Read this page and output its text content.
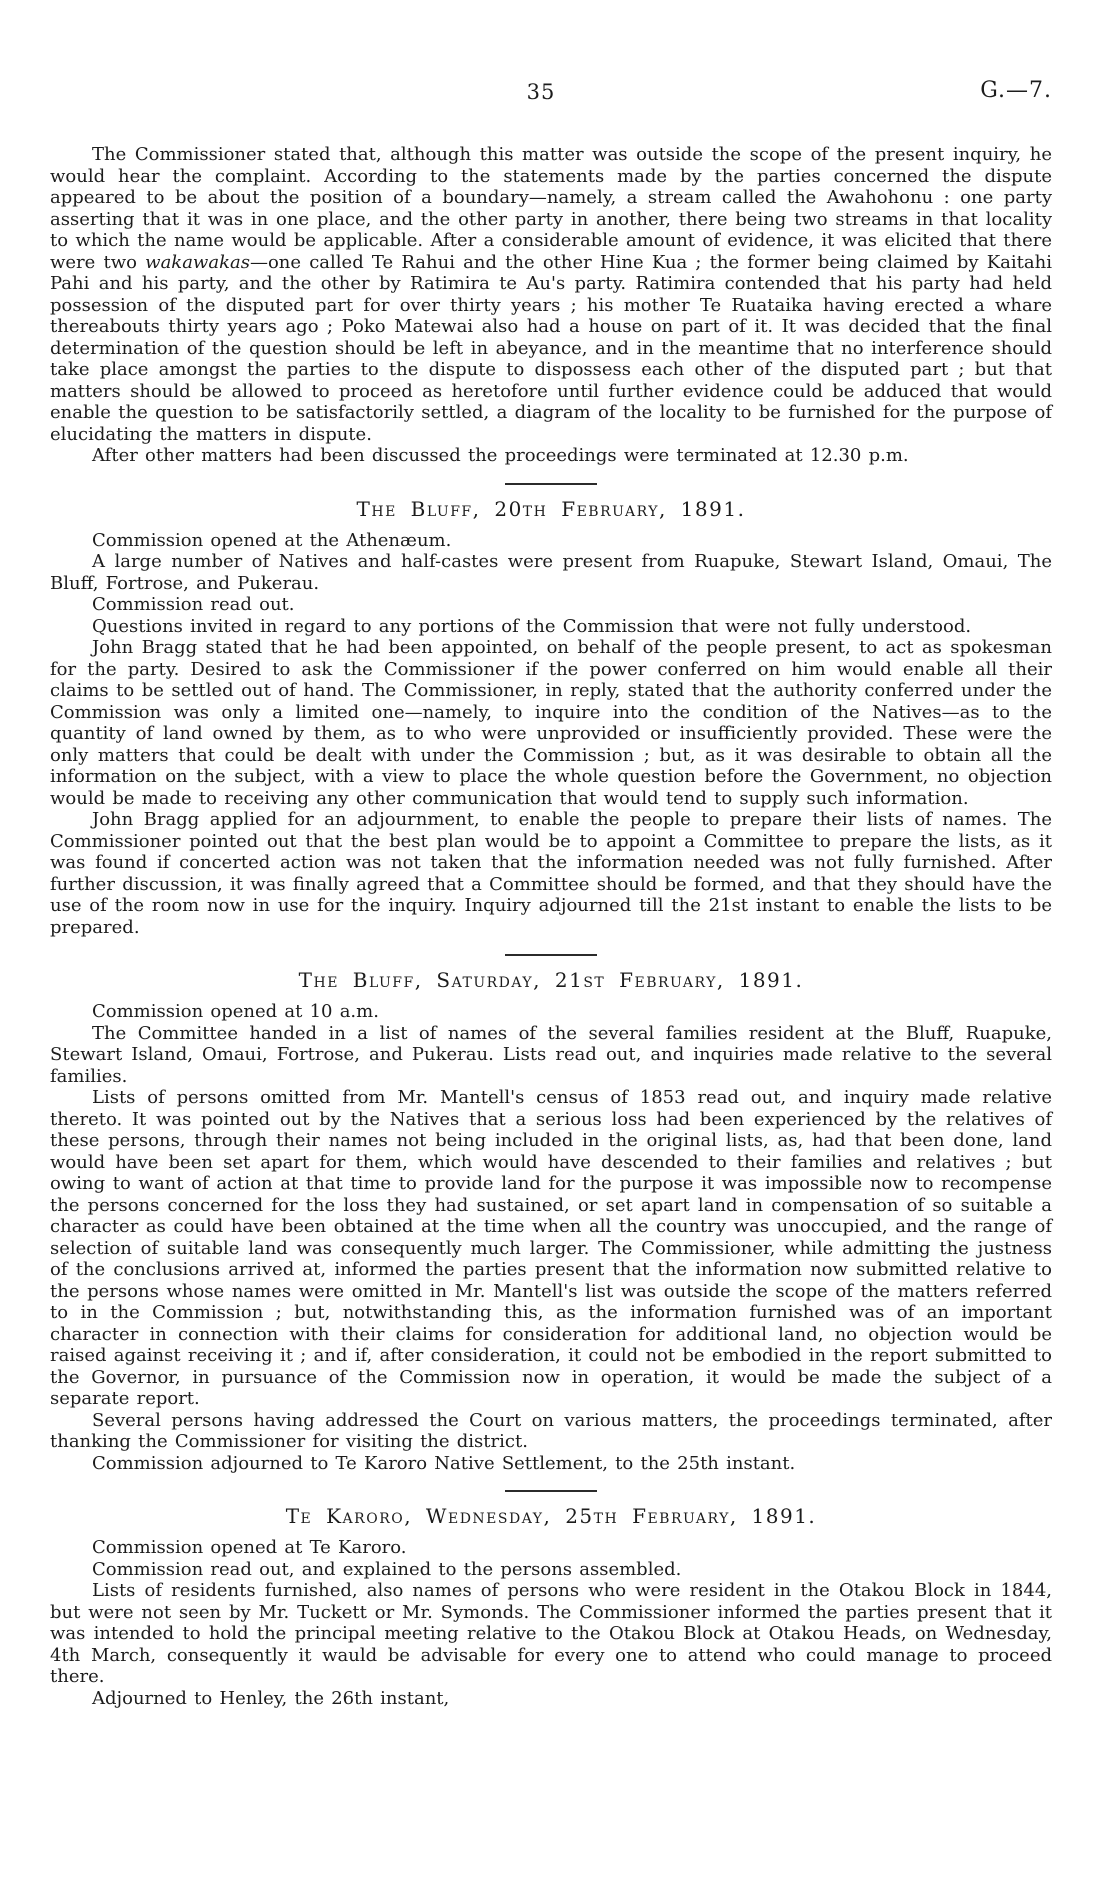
35	G.—7.

The Commissioner stated that, although this matter was outside the scope of the present inquiry, he would hear the complaint. According to the statements made by the parties concerned the dispute appeared to be about the position of a boundary—namely, a stream called the Awahohonu : one party asserting that it was in one place, and the other party in another, there being two streams in that locality to which the name would be applicable. After a considerable amount of evidence, it was elicited that there were two wakawakas—one called Te Rahui and the other Hine Kua ; the former being claimed by Kaitahi Pahi and his party, and the other by Ratimira te Au's party. Ratimira contended that his party had held possession of the disputed part for over thirty years ; his mother Te Ruataika having erected a whare thereabouts thirty years ago ; Poko Matewai also had a house on part of it. It was decided that the final determination of the question should be left in abeyance, and in the meantime that no interference should take place amongst the parties to the dispute to dispossess each other of the disputed part ; but that matters should be allowed to proceed as heretofore until further evidence could be adduced that would enable the question to be satisfactorily settled, a diagram of the locality to be furnished for the purpose of elucidating the matters in dispute.

After other matters had been discussed the proceedings were terminated at 12.30 p.m.

The Bluff, 20th February, 1891.

Commission opened at the Athenæum.

A large number of Natives and half-castes were present from Ruapuke, Stewart Island, Omaui, The Bluff, Fortrose, and Pukerau.

Commission read out.

Questions invited in regard to any portions of the Commission that were not fully understood.

John Bragg stated that he had been appointed, on behalf of the people present, to act as spokesman for the party. Desired to ask the Commissioner if the power conferred on him would enable all their claims to be settled out of hand. The Commissioner, in reply, stated that the authority conferred under the Commission was only a limited one—namely, to inquire into the condition of the Natives—as to the quantity of land owned by them, as to who were unprovided or insufficiently provided. These were the only matters that could be dealt with under the Commission ; but, as it was desirable to obtain all the information on the subject, with a view to place the whole question before the Government, no objection would be made to receiving any other communication that would tend to supply such information.

John Bragg applied for an adjournment, to enable the people to prepare their lists of names. The Commissioner pointed out that the best plan would be to appoint a Committee to prepare the lists, as it was found if concerted action was not taken that the information needed was not fully furnished. After further discussion, it was finally agreed that a Committee should be formed, and that they should have the use of the room now in use for the inquiry. Inquiry adjourned till the 21st instant to enable the lists to be prepared.

The Bluff, Saturday, 21st February, 1891.

Commission opened at 10 a.m.

The Committee handed in a list of names of the several families resident at the Bluff, Ruapuke, Stewart Island, Omaui, Fortrose, and Pukerau. Lists read out, and inquiries made relative to the several families.

Lists of persons omitted from Mr. Mantell's census of 1853 read out, and inquiry made relative thereto. It was pointed out by the Natives that a serious loss had been experienced by the relatives of these persons, through their names not being included in the original lists, as, had that been done, land would have been set apart for them, which would have descended to their families and relatives ; but owing to want of action at that time to provide land for the purpose it was impossible now to recompense the persons concerned for the loss they had sustained, or set apart land in compensation of so suitable a character as could have been obtained at the time when all the country was unoccupied, and the range of selection of suitable land was consequently much larger. The Commissioner, while admitting the justness of the conclusions arrived at, informed the parties present that the information now submitted relative to the persons whose names were omitted in Mr. Mantell's list was outside the scope of the matters referred to in the Commission ; but, notwithstanding this, as the information furnished was of an important character in connection with their claims for consideration for additional land, no objection would be raised against receiving it ; and if, after consideration, it could not be embodied in the report submitted to the Governor, in pursuance of the Commission now in operation, it would be made the subject of a separate report.

Several persons having addressed the Court on various matters, the proceedings terminated, after thanking the Commissioner for visiting the district.

Commission adjourned to Te Karoro Native Settlement, to the 25th instant.

Te Karoro, Wednesday, 25th February, 1891.

Commission opened at Te Karoro.

Commission read out, and explained to the persons assembled.

Lists of residents furnished, also names of persons who were resident in the Otakou Block in 1844, but were not seen by Mr. Tuckett or Mr. Symonds. The Commissioner informed the parties present that it was intended to hold the principal meeting relative to the Otakou Block at Otakou Heads, on Wednesday, 4th March, consequently it wauld be advisable for every one to attend who could manage to proceed there.

Adjourned to Henley, the 26th instant,
